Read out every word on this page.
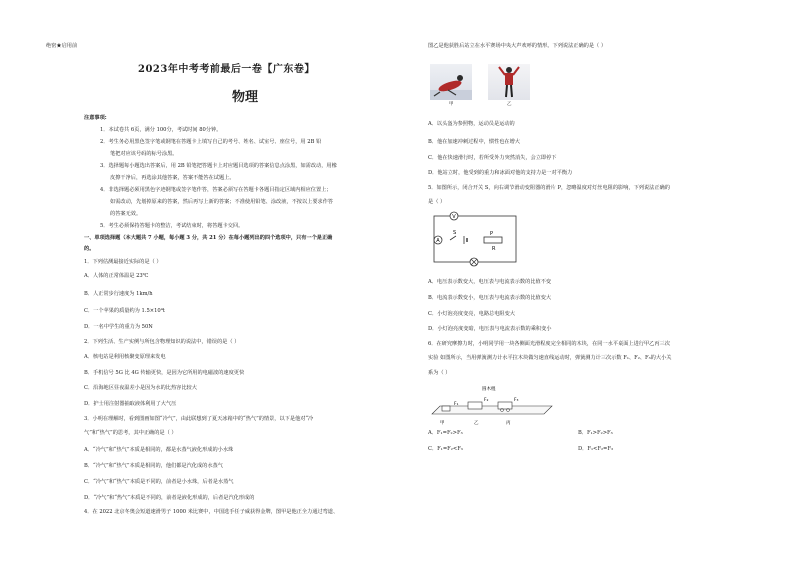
绝密★启用前
2023年中考考前最后一卷【广东卷】
物理
注意事项:
1．本试卷共 6页，满分 100分，考试时间 80分钟。
2．考生务必用黑色签字笔或钢笔在答题卡上填写自己的考号、姓名、试室号、座位号，用 2B 铅
笔把对应该号码的标号涂黑。
3．选择题每小题选出答案后，用 2B 铅笔把答题卡上对应题目选项的答案信息点涂黑，如需改动，用橡
皮擦干净后，再选涂其他答案，答案不能答在试题上。
4．非选择题必须用黑色字迹钢笔或签字笔作答，答案必须写在答题卡各题目指定区域内相应位置上；
如需改动，先划掉原来的答案，然后再写上新的答案；不准使用铅笔、涂改液，不按以上要求作答
的答案无效。
5．考生必须保持答题卡的整洁，考试结束时，将答题卡交回。
一、单项选择题（本大题共 7 小题，每小题 3 分，共 21 分）在每小题列出的四个选项中，只有一个是正确
的。
1．下列估测最接近实际的是（ ）
A．人体的正常体温是 23℃
B．人正常步行速度为 1km/h
C．一个苹果的质量约为 1.5×10⁴t
D．一名中学生的重力为 50N
2．下列生活、生产实例与所包含物理知识的说法中，错误的是（ ）
A．核电站是利用核聚变原理来发电
B．手机信号 5G 比 4G 传输更快，是因为它所用的电磁波的速度更快
C．沿海地区昼夜温差小是因为水的比热容比较大
D．护士用注射器抽取液体利用了大气压
3．小明在理解时，看到图画如图“冷气”，由此联想到了夏天冰箱中的“热气”的情景，以下是他对“冷
气”和“热气”的思考，其中正确的是（ ）
A．“冷气”和“热气”本质是相同的，都是水蒸气液化形成的小水珠
B．“冷气”和“热气”本质是相同的，他们都是汽化成的水蒸气
C．“冷气”和“热气”本质是不同的，前者是小水珠，后者是水蒸气
D．“冷气”和“热气”本质是不同的，前者是液化形成的，后者是汽化形成的
4．在 2022 北京冬奥会短道速滑男子 1000 米比赛中，中国选手任子威获得金牌，图甲是他正全力通过弯道、
图乙是他获胜后站立在水平赛场中央大声欢呼的情形。下列说法正确的是（ ）
甲	乙
A．以头盔为参照物，运动员是运动的
B．他在加速冲刺过程中，惯性也在增大
C．他在快速滑行时，若所受外力突然消失，会立即停下
D．他站立时，他受到的重力和冰面对他的支持力是一对平衡力
5．如图所示，闭合开关 S，向右调节滑动变阻器的滑片 P，忽略温度对灯丝电阻的影响，下列说法正确的
是（ ）
V
A
S	P
R
A．电压表示数变大，电压表与电流表示数的比值不变
B．电流表示数变小，电压表与电流表示数的比值变大
C．小灯泡亮度变亮，电路总电阻变大
D．小灯泡亮度变暗，电压表与电流表示数的乘积变小
6．在研究摩擦力时，小明同学用一块各侧面光滑程度完全相同的木块，在同一水平桌面上进行甲乙丙三次
实验 如图所示，当用弹簧测力计水平拉木块做匀速直线运动时，弹簧测力计三次示数 F₁、F₂、F₃的大小关
系为（ ）
圆木棍
F₁
F₂	F₃
甲	乙	丙
A．F₁=F₂>F₃	B．F₁>F₂>F₃
C．F₁=F₂<F₃	D．F₁<F₂=F₃
